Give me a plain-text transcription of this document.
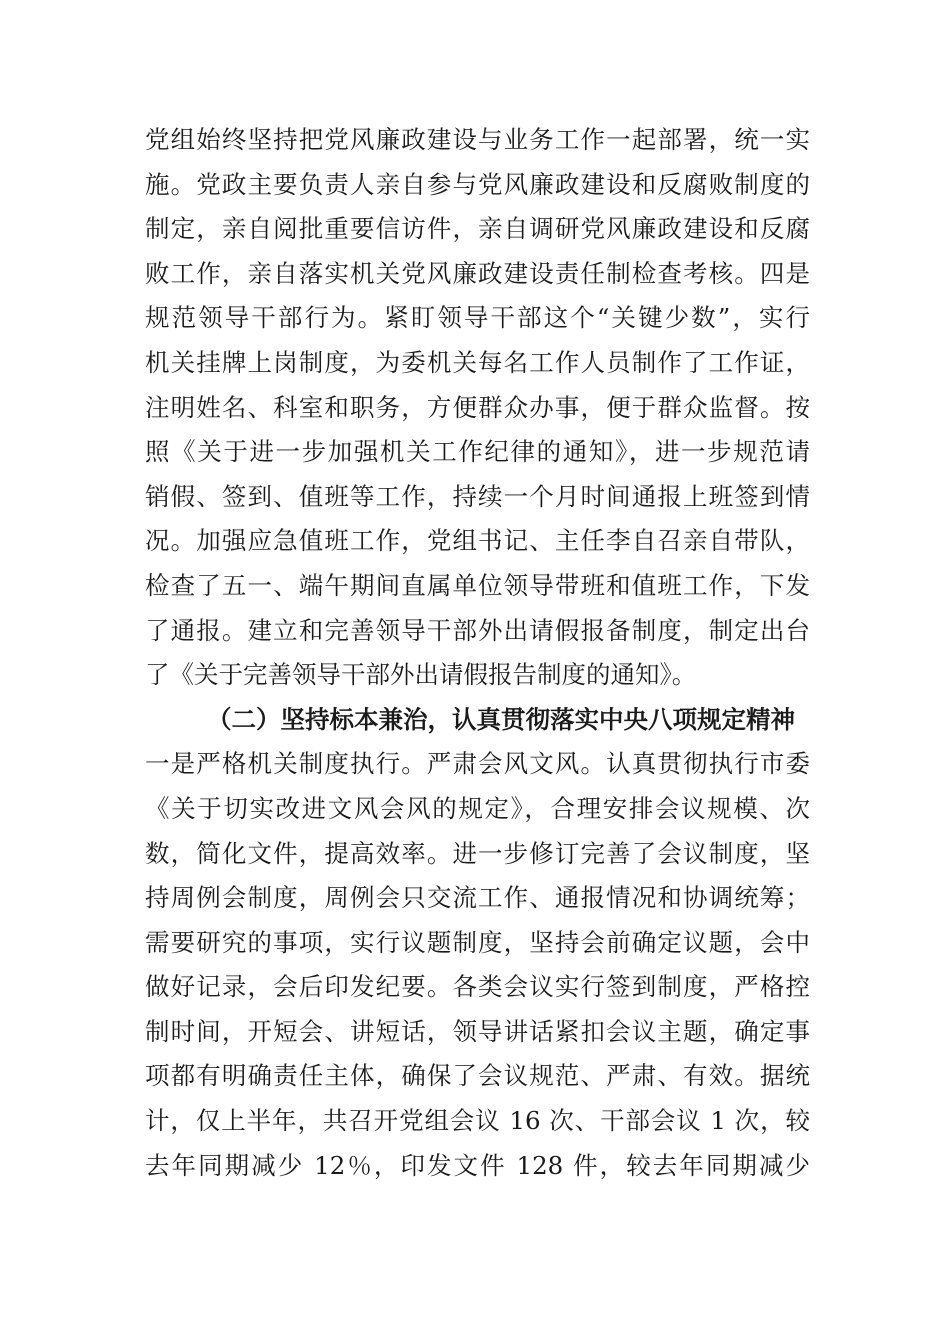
党组始终坚持把党风廉政建设与业务工作一起部署，统一实
施。党政主要负责人亲自参与党风廉政建设和反腐败制度的
制定，亲自阅批重要信访件，亲自调研党风廉政建设和反腐
败工作，亲自落实机关党风廉政建设责任制检查考核。四是
规范领导干部行为。紧盯领导干部这个“关键少数”，实行
机关挂牌上岗制度，为委机关每名工作人员制作了工作证，
注明姓名、科室和职务，方便群众办事，便于群众监督。按
照《关于进一步加强机关工作纪律的通知》，进一步规范请
销假、签到、值班等工作，持续一个月时间通报上班签到情
况。加强应急值班工作，党组书记、主任李自召亲自带队，
检查了五一、端午期间直属单位领导带班和值班工作，下发
了通报。建立和完善领导干部外出请假报备制度，制定出台
了《关于完善领导干部外出请假报告制度的通知》。
（二）坚持标本兼治，认真贯彻落实中央八项规定精神
一是严格机关制度执行。严肃会风文风。认真贯彻执行市委
《关于切实改进文风会风的规定》，合理安排会议规模、次
数，简化文件，提高效率。进一步修订完善了会议制度，坚
持周例会制度，周例会只交流工作、通报情况和协调统筹；
需要研究的事项，实行议题制度，坚持会前确定议题，会中
做好记录，会后印发纪要。各类会议实行签到制度，严格控
制时间，开短会、讲短话，领导讲话紧扣会议主题，确定事
项都有明确责任主体，确保了会议规范、严肃、有效。据统
计，仅上半年，共召开党组会议 16 次、干部会议 1 次，较
去年同期减少 12％，印发文件 128 件，较去年同期减少
